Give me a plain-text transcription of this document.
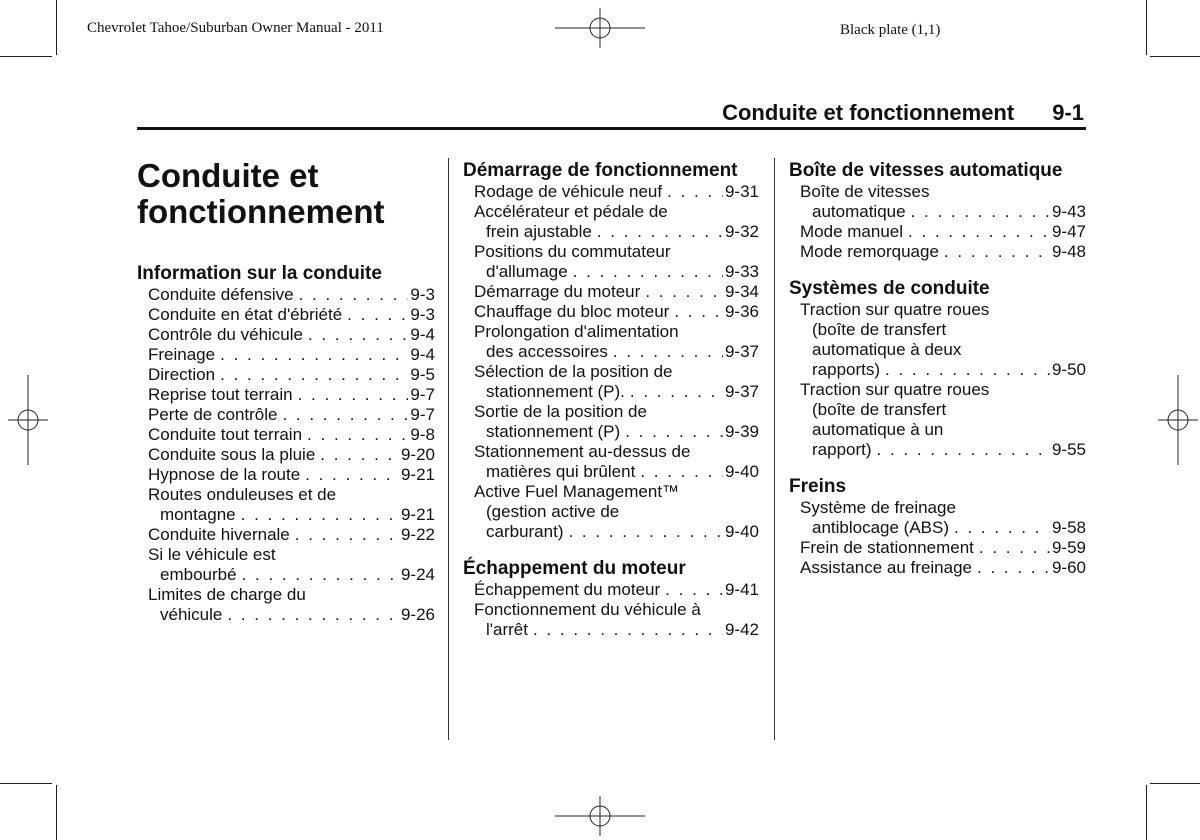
Chevrolet Tahoe/Suburban Owner Manual - 2011	Black plate (1,1)
Conduite et fonctionnement 9-1
Conduite et fonctionnement
Information sur la conduite
Conduite défensive . . .	9-3
Conduite en état d'ébriété . . .	9-3
Contrôle du véhicule . . .	9-4
Freinage . . .	9-4
Direction . . .	9-5
Reprise tout terrain . . .	9-7
Perte de contrôle . . .	9-7
Conduite tout terrain . . .	9-8
Conduite sous la pluie . . .	9-20
Hypnose de la route . . .	9-21
Routes onduleuses et de
montagne . . .	9-21
Conduite hivernale . . .	9-22
Si le véhicule est
embourbé . . .	9-24
Limites de charge du
véhicule . . .	9-26
Démarrage de fonctionnement
Rodage de véhicule neuf . . .	9-31
Accélérateur et pédale de
frein ajustable . . .	9-32
Positions du commutateur
d'allumage . . .	9-33
Démarrage du moteur . . .	9-34
Chauffage du bloc moteur . . .	9-36
Prolongation d'alimentation
des accessoires . . .	9-37
Sélection de la position de
stationnement (P). . . .	9-37
Sortie de la position de
stationnement (P) . . .	9-39
Stationnement au-dessus de
matières qui brûlent . . .	9-40
Active Fuel Management™
(gestion active de
carburant) . . .	9-40
Échappement du moteur
Échappement du moteur . . .	9-41
Fonctionnement du véhicule à
l'arrêt . . .	9-42
Boîte de vitesses automatique
Boîte de vitesses
automatique . . .	9-43
Mode manuel . . .	9-47
Mode remorquage . . .	9-48
Systèmes de conduite
Traction sur quatre roues
(boîte de transfert
automatique à deux
rapports) . . .	9-50
Traction sur quatre roues
(boîte de transfert
automatique à un
rapport) . . .	9-55
Freins
Système de freinage
antiblocage (ABS) . . .	9-58
Frein de stationnement . . .	9-59
Assistance au freinage . . .	9-60
